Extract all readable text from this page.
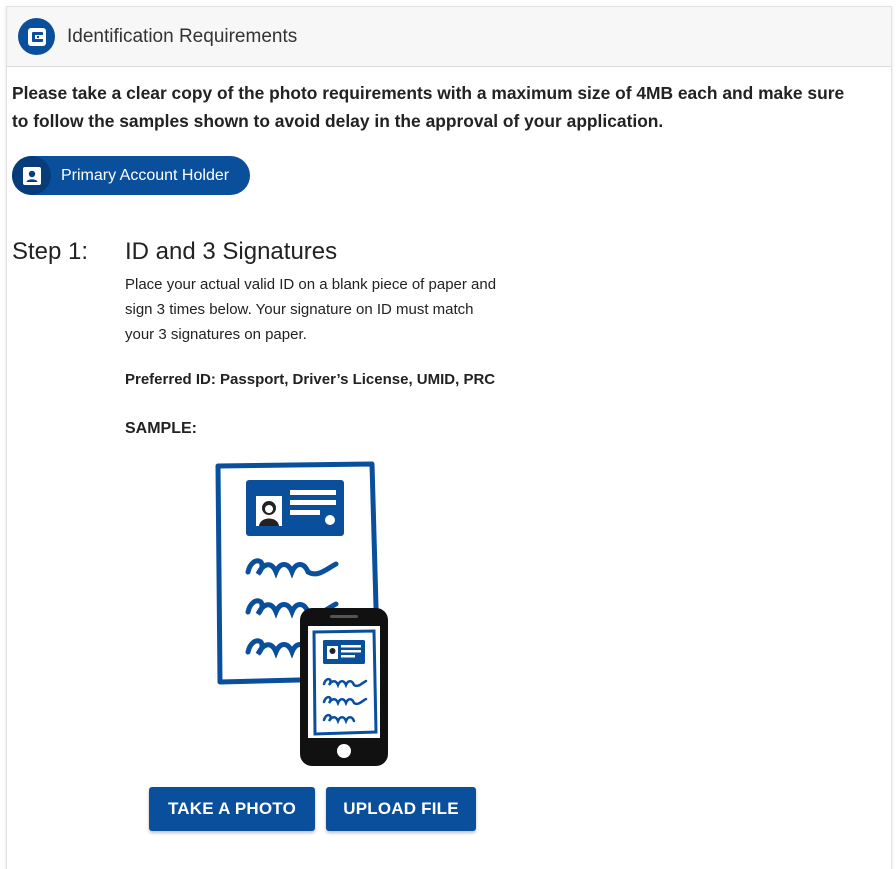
Identification Requirements
Please take a clear copy of the photo requirements with a maximum size of 4MB each and make sure to follow the samples shown to avoid delay in the approval of your application.
Primary Account Holder
Step 1: ID and 3 Signatures
Place your actual valid ID on a blank piece of paper and sign 3 times below. Your signature on ID must match your 3 signatures on paper.
Preferred ID: Passport, Driver’s License, UMID, PRC
SAMPLE:
TAKE A PHOTO	UPLOAD FILE
